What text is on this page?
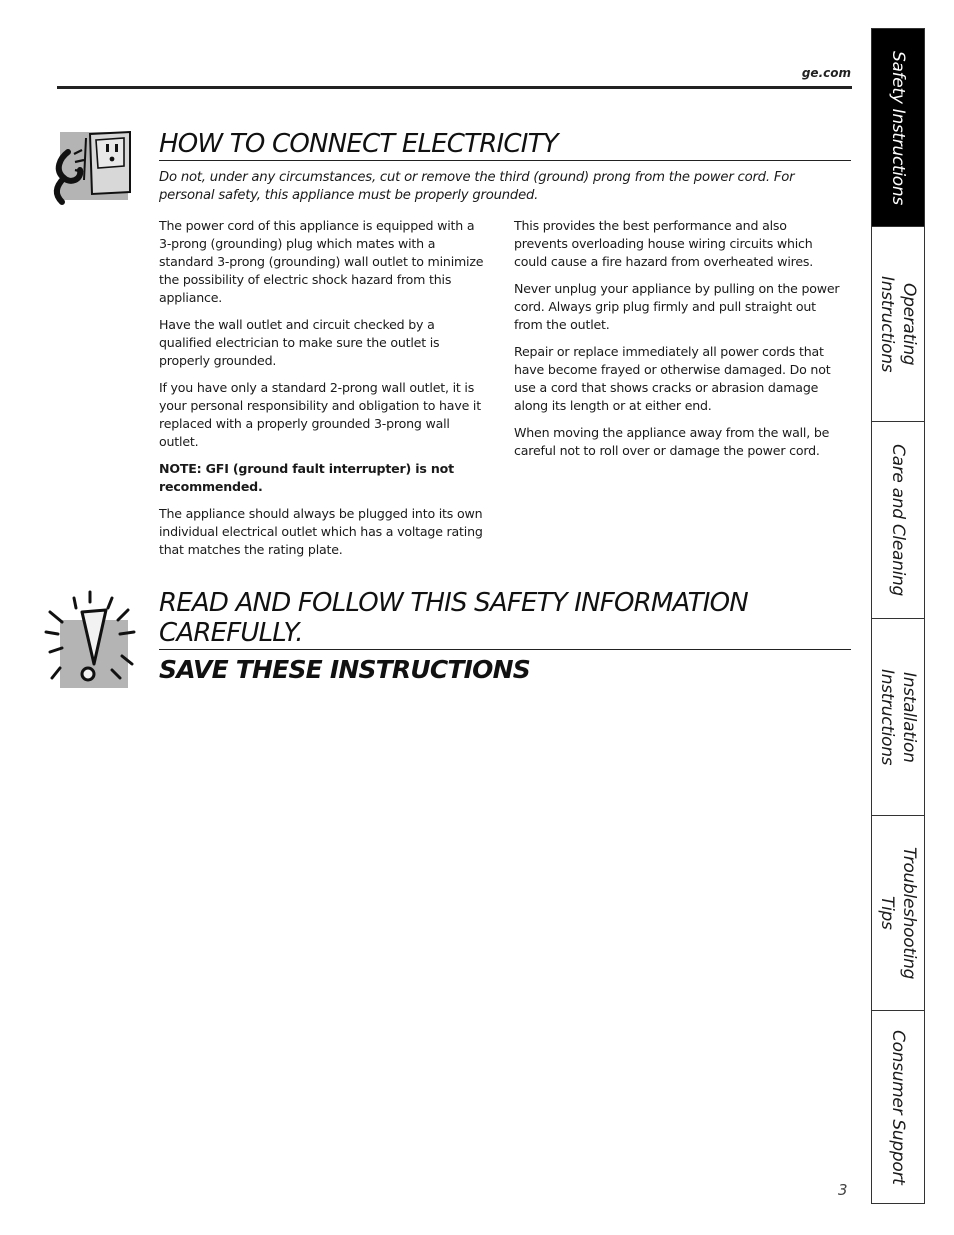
ge.com
HOW TO CONNECT ELECTRICITY

Do not, under any circumstances, cut or remove the third (ground) prong from the power cord. For personal safety, this appliance must be properly grounded.

The power cord of this appliance is equipped with a 3-prong (grounding) plug which mates with a standard 3-prong (grounding) wall outlet to minimize the possibility of electric shock hazard from this appliance.

Have the wall outlet and circuit checked by a qualified electrician to make sure the outlet is properly grounded.

If you have only a standard 2-prong wall outlet, it is your personal responsibility and obligation to have it replaced with a properly grounded 3-prong wall outlet.

NOTE: GFI (ground fault interrupter) is not recommended.

The appliance should always be plugged into its own individual electrical outlet which has a voltage rating that matches the rating plate.

This provides the best performance and also prevents overloading house wiring circuits which could cause a fire hazard from overheated wires.

Never unplug your appliance by pulling on the power cord. Always grip plug firmly and pull straight out from the outlet.

Repair or replace immediately all power cords that have become frayed or otherwise damaged. Do not use a cord that shows cracks or abrasion damage along its length or at either end.

When moving the appliance away from the wall, be careful not to roll over or damage the power cord.

READ AND FOLLOW THIS SAFETY INFORMATION CAREFULLY.
SAVE THESE INSTRUCTIONS
3
Safety Instructions
Operating
Instructions
Care and Cleaning
Installation
Instructions
Troubleshooting
Tips
Consumer Support
